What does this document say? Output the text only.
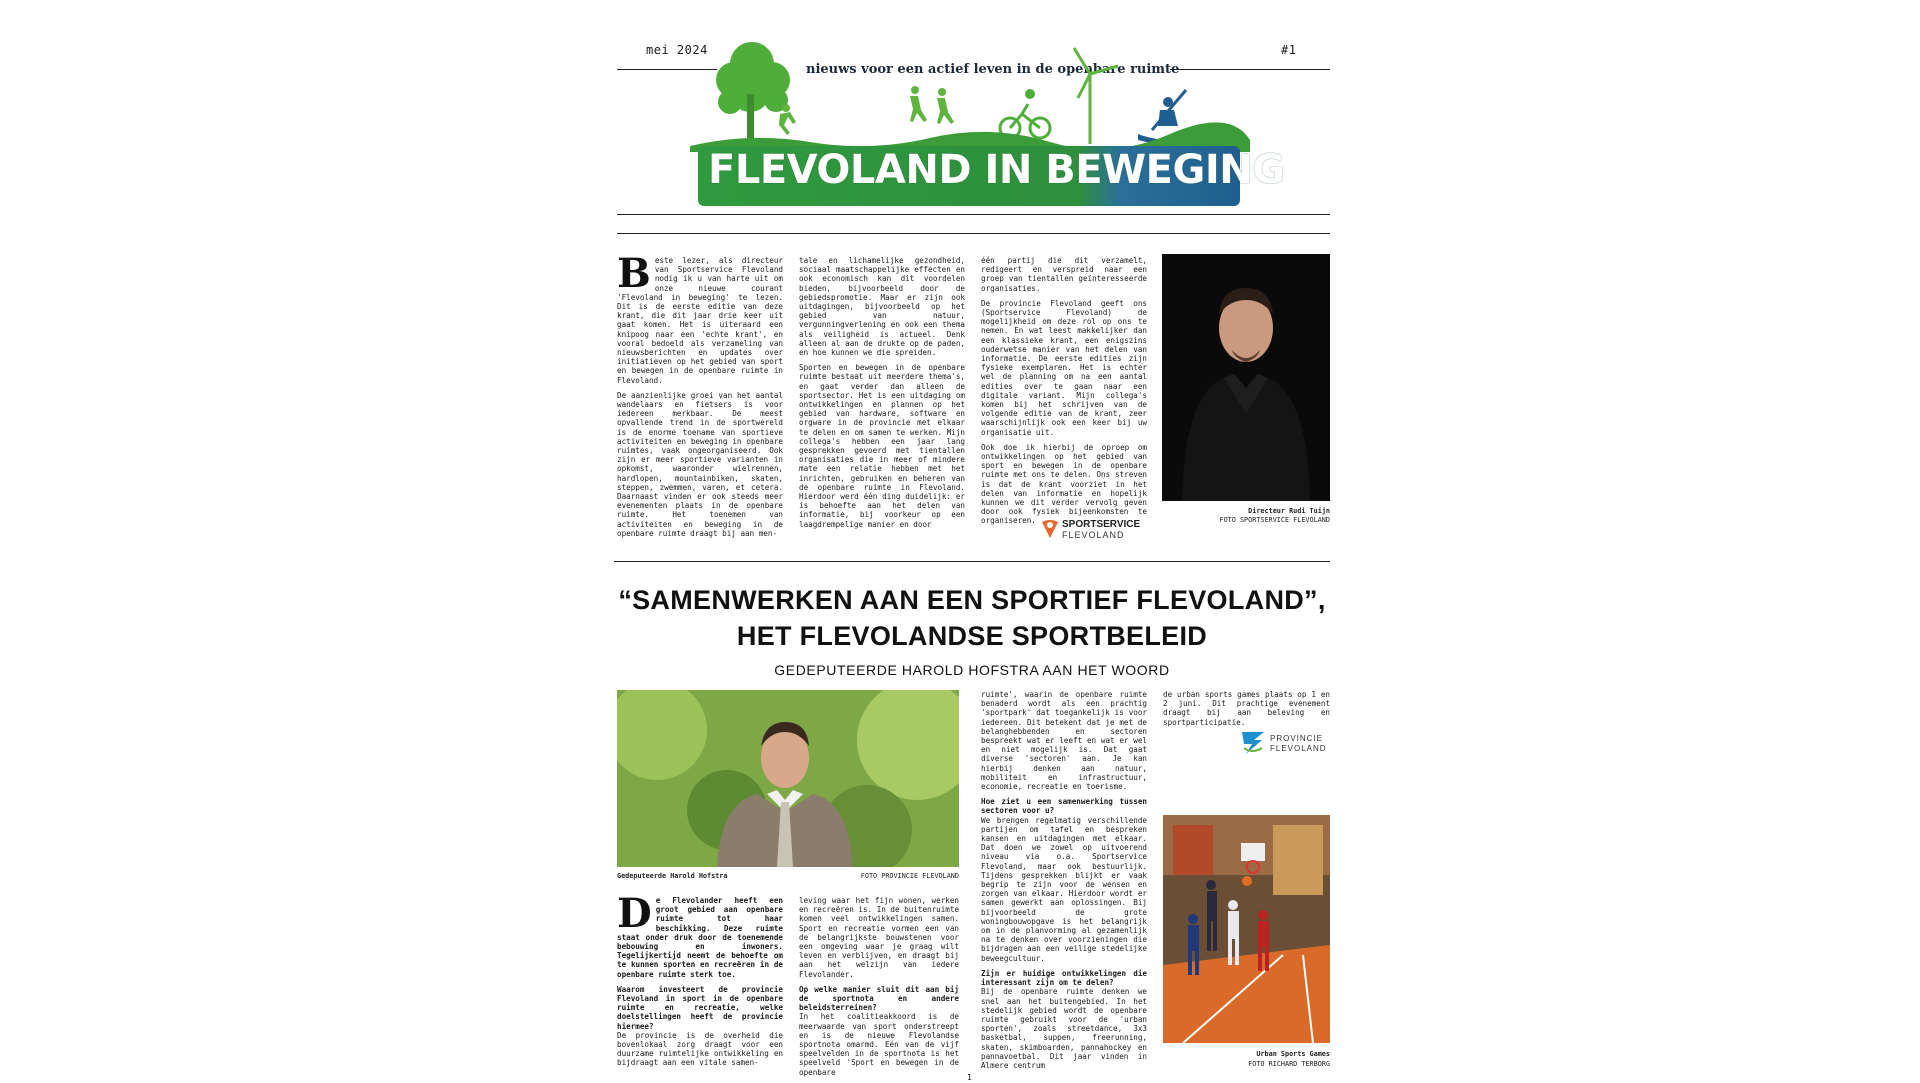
mei 2024	#1
nieuws voor een actief leven in de openbare ruimte
FLEVOLAND IN BEWEGING

Beste lezer, als directeur van Sportservice Flevoland nodig ik u van harte uit om onze nieuwe courant 'Flevoland in beweging' te lezen. Dit is de eerste editie van deze krant, die dit jaar drie keer uit gaat komen. Het is uiteraard een knipoog naar een 'echte krant', en vooral bedoeld als verzameling van nieuwsberichten en updates over initiatieven op het gebied van sport en bewegen in de openbare ruimte in Flevoland.

De aanzienlijke groei van het aantal wandelaars en fietsers is voor iedereen merkbaar. De meest opvallende trend in de sportwereld is de enorme toename van sportieve activiteiten en beweging in openbare ruimtes, vaak ongeorganiseerd. Ook zijn er meer sportieve varianten in opkomst, waaronder wielrennen, hardlopen, mountainbiken, skaten, steppen, zwemmen, varen, et cetera. Daarnaast vinden er ook steeds meer evenementen plaats in de openbare ruimte. Het toenemen van activiteiten en beweging in de openbare ruimte draagt bij aan men-

tale en lichamelijke gezondheid, sociaal maatschappelijke effecten en ook economisch kan dit voordelen bieden, bijvoorbeeld door de gebiedspromotie. Maar er zijn ook uitdagingen, bijvoorbeeld op het gebied van natuur, vergunningverlening en ook een thema als veiligheid is actueel. Denk alleen al aan de drukte op de paden, en hoe kunnen we die spreiden.

Sporten en bewegen in de openbare ruimte bestaat uit meerdere thema's, en gaat verder dan alleen de sportsector. Het is een uitdaging om ontwikkelingen en plannen op het gebied van hardware, software en orgware in de provincie met elkaar te delen en om samen te werken. Mijn collega's hebben een jaar lang gesprekken gevoerd met tientallen organisaties die in meer of mindere mate een relatie hebben met het inrichten, gebruiken en beheren van de openbare ruimte in Flevoland. Hierdoor werd één ding duidelijk: er is behoefte aan het delen van informatie, bij voorkeur op een laagdrempelige manier en door

één partij die dit verzamelt, redigeert en verspreid naar een groep van tientallen geïnteresseerde organisaties.

De provincie Flevoland geeft ons (Sportservice Flevoland) de mogelijkheid om deze rol op ons te nemen. En wat leest makkelijker dan een klassieke krant, een enigszins ouderwetse manier van het delen van informatie. De eerste edities zijn fysieke exemplaren. Het is echter wel de planning om na een aantal edities over te gaan naar een digitale variant. Mijn collega's komen bij het schrijven van de volgende editie van de krant, zeer waarschijnlijk ook een keer bij uw organisatie uit.

Ook doe ik hierbij de oproep om ontwikkelingen op het gebied van sport en bewegen in de openbare ruimte met ons te delen. Ons streven is dat de krant voorziet in het delen van informatie en hopelijk kunnen we dit verder vervolg geven door ook fysiek bijeenkomsten te organiseren.	SPORTSERVICE
FLEVOLAND
Directeur Rudi Tuijn
FOTO SPORTSERVICE FLEVOLAND
“SAMENWERKEN AAN EEN SPORTIEF FLEVOLAND”,
HET FLEVOLANDSE SPORTBELEID
GEDEPUTEERDE HAROLD HOFSTRA AAN HET WOORD
Gedeputeerde Harold Hofstra	FOTO PROVINCIE FLEVOLAND

De Flevolander heeft een groot gebied aan openbare ruimte tot haar beschikking. Deze ruimte staat onder druk door de toenemende bebouwing en inwoners. Tegelijkertijd neemt de behoefte om te kunnen sporten en recreëren in de openbare ruimte sterk toe.

Waarom investeert de provincie Flevoland in sport in de openbare ruimte en recreatie, welke doelstellingen heeft de provincie hiermee?

De provincie is de overheid die bovenlokaal zorg draagt voor een duurzame ruimtelijke ontwikkeling en bijdraagt aan een vitale samen-

leving waar het fijn wonen, werken en recreëren is. In de buitenruimte komen veel ontwikkelingen samen. Sport en recreatie vormen een van de belangrijkste bouwstenen voor een omgeving waar je graag wilt leven en verblijven, en draagt bij aan het welzijn van iedere Flevolander.

Op welke manier sluit dit aan bij de sportnota en andere beleidsterreinen?

In het coalitieakkoord is de meerwaarde van sport onderstreept en is de nieuwe Flevolandse sportnota omarmd. Eén van de vijf speelvelden in de sportnota is het speelveld 'Sport en bewegen in de openbare

ruimte', waarin de openbare ruimte benaderd wordt als een prachtig 'sportpark' dat toegankelijk is voor iedereen. Dit betekent dat je met de belanghebbenden en sectoren bespreekt wat er leeft en wat er wel en niet mogelijk is. Dat gaat diverse 'sectoren' aan. Je kan hierbij denken aan natuur, mobiliteit en infrastructuur, economie, recreatie en toerisme.

Hoe ziet u een samenwerking tussen sectoren voor u?

We brengen regelmatig verschillende partijen om tafel en bespreken kansen en uitdagingen met elkaar. Dat doen we zowel op uitvoerend niveau via o.a. Sportservice Flevoland, maar ook bestuurlijk. Tijdens gesprekken blijkt er vaak begrip te zijn voor de wensen en zorgen van elkaar. Hierdoor wordt er samen gewerkt aan oplossingen. Bij bijvoorbeeld de grote woningbouwopgave is het belangrijk om in de planvorming al gezamenlijk na te denken over voorzieningen die bijdragen aan een veilige stedelijke beweegcultuur.

Zijn er huidige ontwikkelingen die interessant zijn om te delen?

Bij de openbare ruimte denken we snel aan het buitengebied. In het stedelijk gebied wordt de openbare ruimte gebruikt voor de 'urban sporten', zoals streetdance, 3x3 basketbal, suppen, freerunning, skaten, skimboarden, pannahockey en pannavoetbal. Dit jaar vinden in Almere centrum

de urban sports games plaats op 1 en 2 juni. Dit prachtige evenement draagt bij aan beleving en sportparticipatie.

PROVINCIE
FLEVOLAND
Urban Sports Games
FOTO RICHARD TERBORG
1
